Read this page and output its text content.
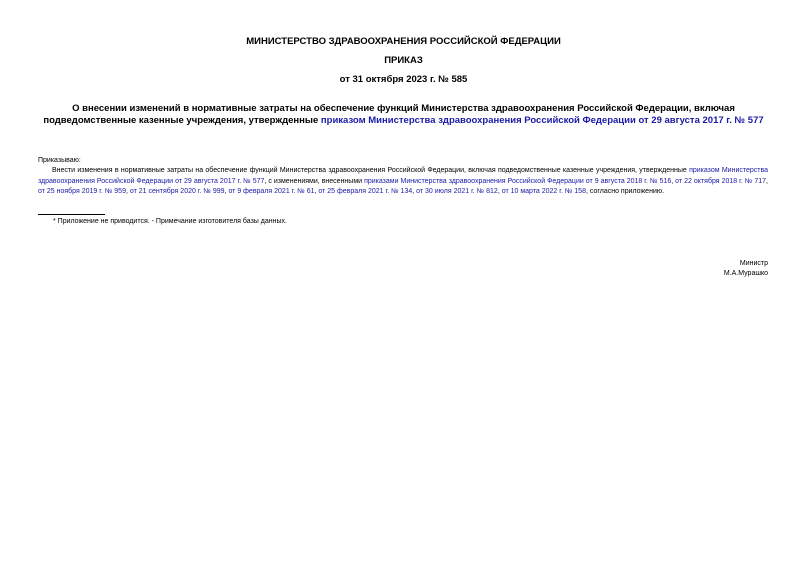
МИНИСТЕРСТВО ЗДРАВООХРАНЕНИЯ РОССИЙСКОЙ ФЕДЕРАЦИИ
ПРИКАЗ
от 31 октября 2023 г. № 585
О внесении изменений в нормативные затраты на обеспечение функций Министерства здравоохранения Российской Федерации, включая подведомственные казенные учреждения, утвержденные приказом Министерства здравоохранения Российской Федерации от 29 августа 2017 г. № 577
Приказываю:
Внести изменения в нормативные затраты на обеспечение функций Министерства здравоохранения Российской Федерации, включая подведомственные казенные учреждения, утвержденные приказом Министерства здравоохранения Российской Федерации от 29 августа 2017 г. № 577, с изменениями, внесенными приказами Министерства здравоохранения Российской Федерации от 9 августа 2018 г. № 516, от 22 октября 2018 г. № 717, от 25 ноября 2019 г. № 959, от 21 сентября 2020 г. № 999, от 9 февраля 2021 г. № 61, от 25 февраля 2021 г. № 134, от 30 июля 2021 г. № 812, от 10 марта 2022 г. № 158, согласно приложению.
* Приложение не приводится. - Примечание изготовителя базы данных.
Министр
М.А.Мурашко
